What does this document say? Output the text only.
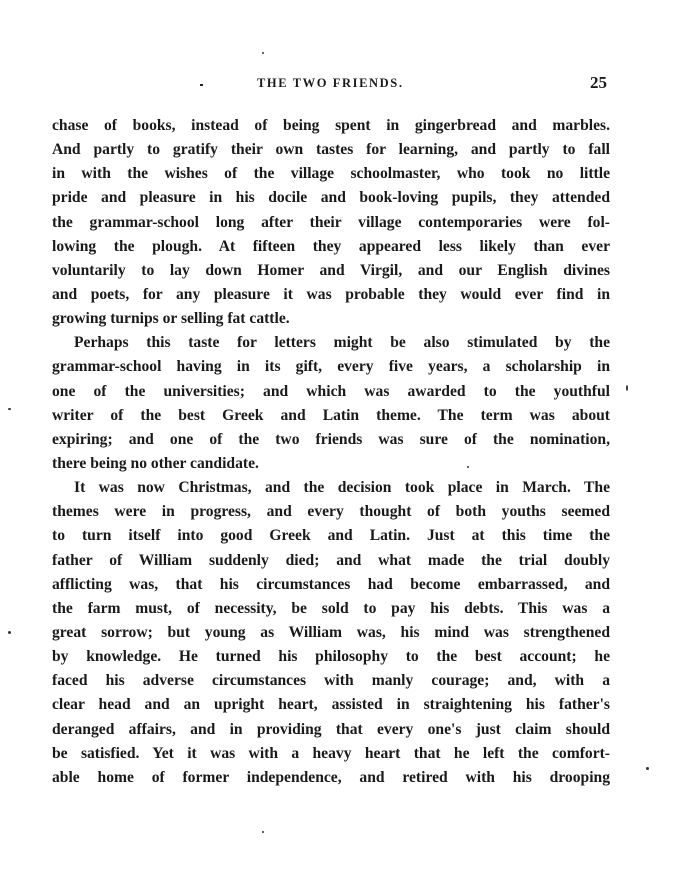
THE TWO FRIENDS.	25
chase of books, instead of being spent in gingerbread and marbles.
And partly to gratify their own tastes for learning, and partly to fall
in with the wishes of the village schoolmaster, who took no little
pride and pleasure in his docile and book-loving pupils, they attended
the grammar-school long after their village contemporaries were fol-
lowing the plough. At fifteen they appeared less likely than ever
voluntarily to lay down Homer and Virgil, and our English divines
and poets, for any pleasure it was probable they would ever find in
growing turnips or selling fat cattle.
Perhaps this taste for letters might be also stimulated by the
grammar-school having in its gift, every five years, a scholarship in
one of the universities; and which was awarded to the youthful
writer of the best Greek and Latin theme. The term was about
expiring; and one of the two friends was sure of the nomination,
there being no other candidate.
It was now Christmas, and the decision took place in March. The
themes were in progress, and every thought of both youths seemed
to turn itself into good Greek and Latin. Just at this time the
father of William suddenly died; and what made the trial doubly
afflicting was, that his circumstances had become embarrassed, and
the farm must, of necessity, be sold to pay his debts. This was a
great sorrow; but young as William was, his mind was strengthened
by knowledge. He turned his philosophy to the best account; he
faced his adverse circumstances with manly courage; and, with a
clear head and an upright heart, assisted in straightening his father's
deranged affairs, and in providing that every one's just claim should
be satisfied. Yet it was with a heavy heart that he left the comfort-
able home of former independence, and retired with his drooping
